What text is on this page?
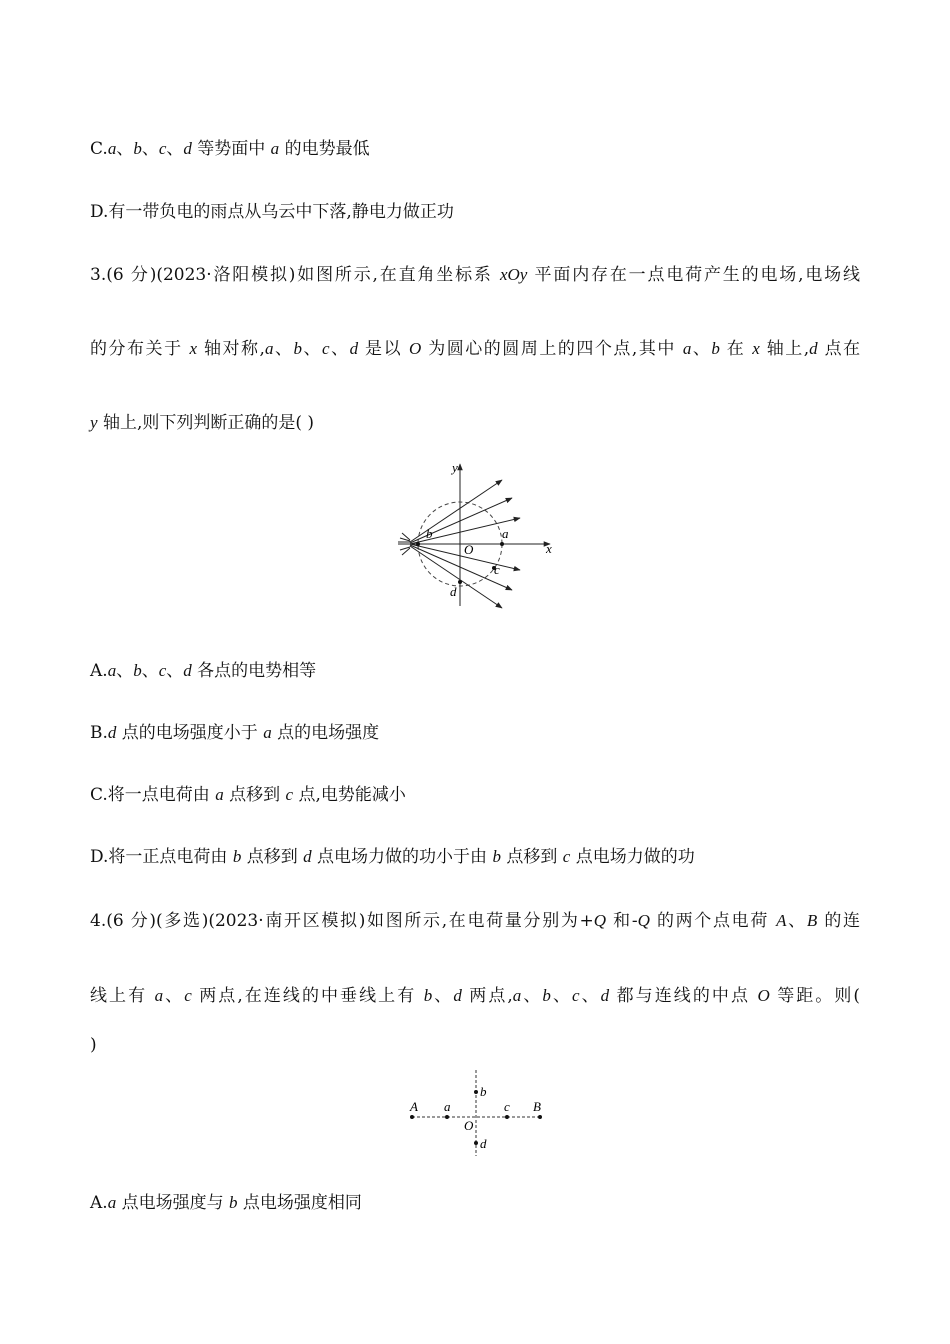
C.a、b、c、d 等势面中 a 的电势最低
D.有一带负电的雨点从乌云中下落,静电力做正功
3.(6 分)(2023·洛阳模拟)如图所示,在直角坐标系 xOy 平面内存在一点电荷产生的电场,电场线
的分布关于 x 轴对称,a、b、c、d 是以 O 为圆心的圆周上的四个点,其中 a、b 在 x 轴上,d 点在
y 轴上,则下列判断正确的是( )
y
x
O
a
b
c
d
A.a、b、c、d 各点的电势相等
B.d 点的电场强度小于 a 点的电场强度
C.将一点电荷由 a 点移到 c 点,电势能减小
D.将一正点电荷由 b 点移到 d 点电场力做的功小于由 b 点移到 c 点电场力做的功
4.(6 分)(多选)(2023·南开区模拟)如图所示,在电荷量分别为+Q 和-Q 的两个点电荷 A、B 的连
线上有 a、c 两点,在连线的中垂线上有 b、d 两点,a、b、c、d 都与连线的中点 O 等距。则(
)
A a
b
c B
O
d
A.a 点电场强度与 b 点电场强度相同
